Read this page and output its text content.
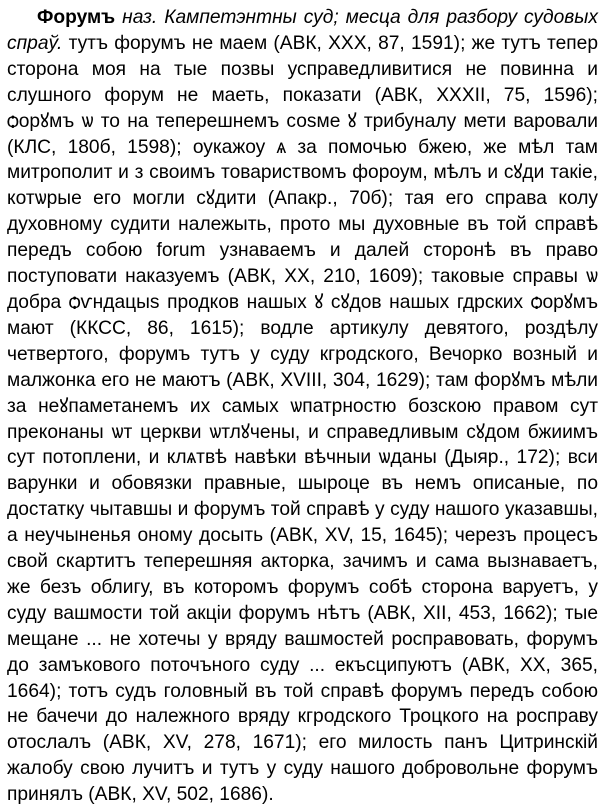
Форумъ наз. Кампетэнтны суд; месца для разбору судовых спраў. тутъ форумъ не маем (АВК, XXX, 87, 1591); же тутъ тепер сторона моя на тые позвы усправедливитися не повинна и слушного форум не маеть, показати (АВК, XXXII, 75, 1596); ѻорꙋмъ ѡ то на теперешнемъ соѕме ꙋ трибуналу мети варовали (КЛС, 180б, 1598); оукажоу ѧ за помочью бжею, же мѣл там митрополит и з своимъ товариствомъ фороум, мѣлъ и сꙋди такіе, котѡрые его могли сꙋдити (Апакр., 70б); тая его справа колу духовному судити належыть, прото мы духовные въ той справѣ передъ собою forum узнаваемъ и далей сторонѣ въ право поступовати наказуемъ (АВК, XX, 210, 1609); таковые справы ѡ добра ѻѵндацыѕ продков нашых ꙋ сꙋдов нашых гдрских ѻорꙋмъ мают (ККСС, 86, 1615); водле артикулу девятого, роздѣлу четвертого, форумъ тутъ у суду кгродского, Вечорко возный и малжонка его не маютъ (АВК, XVIII, 304, 1629); там форꙋмъ мѣли за неꙋпаметанемъ их самых ѡпатрностю бозскою правом сут преконаны ѡт церкви ѡтлꙋчены, и справедливым сꙋдом бжиимъ сут потоплени, и клѧтвѣ навѣки вѣчныи ѡданы (Дыяр., 172); вси варунки и обовязки правные, шыроце въ немъ описаные, по достатку чытавшы и форумъ той справѣ у суду нашого указавшы, а неучыненья оному досыть (АВК, XV, 15, 1645); черезъ процесъ свой скартитъ теперешняя акторка, зачимъ и сама вызнаваетъ, же безъ облигу, въ которомъ форумъ собѣ сторона варуетъ, у суду вашмости той акціи форумъ нѣтъ (АВК, XII, 453, 1662); тые мещане ... не хотечы у вряду вашмостей росправовать, форумъ до замъкового поточъного суду ... екъсципуютъ (АВК, XX, 365, 1664); тотъ судъ головный въ той справѣ форумъ передъ собою не бачечи до належного вряду кгродского Троцкого на росправу отослалъ (АВК, XV, 278, 1671); его милость панъ Цитринскій жалобу свою лучитъ и тутъ у суду нашого добровольне форумъ принялъ (АВК, XV, 502, 1686).
